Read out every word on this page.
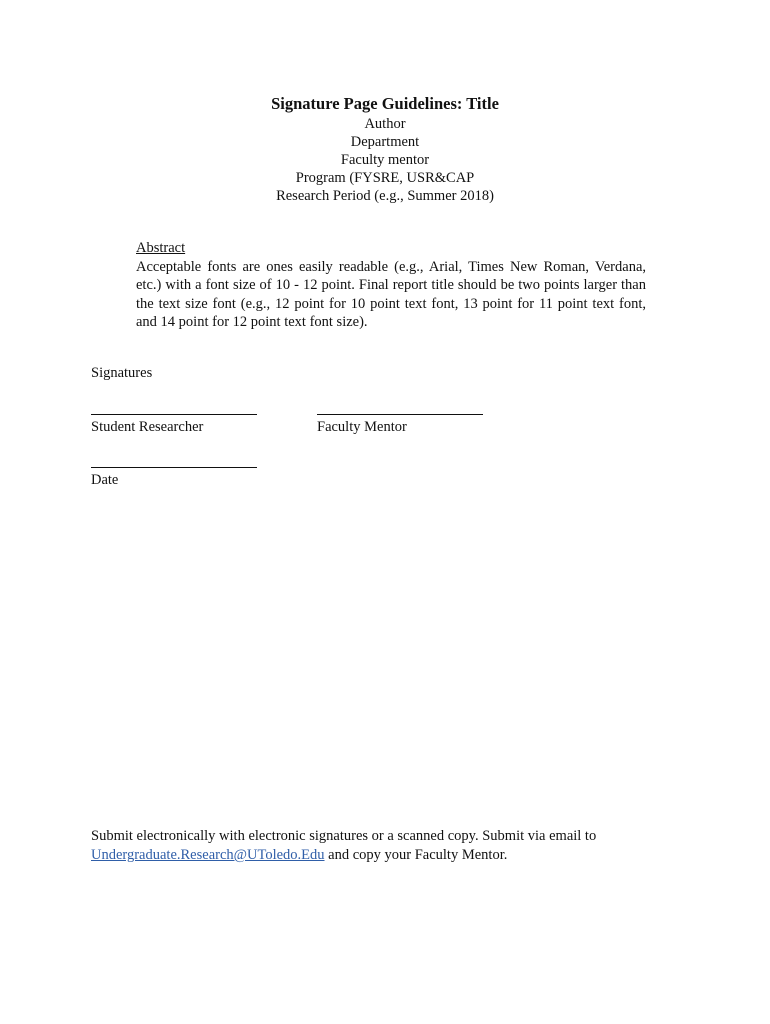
Signature Page Guidelines: Title
Author
Department
Faculty mentor
Program (FYSRE, USR&CAP
Research Period (e.g., Summer 2018)
Abstract
Acceptable fonts are ones easily readable (e.g., Arial, Times New Roman, Verdana, etc.) with a font size of 10 - 12 point. Final report title should be two points larger than the text size font (e.g., 12 point for 10 point text font, 13 point for 11 point text font, and 14 point for 12 point text font size).
Signatures
Student Researcher	Faculty Mentor
Date
Submit electronically with electronic signatures or a scanned copy. Submit via email to
Undergraduate.Research@UToledo.Edu and copy your Faculty Mentor.
